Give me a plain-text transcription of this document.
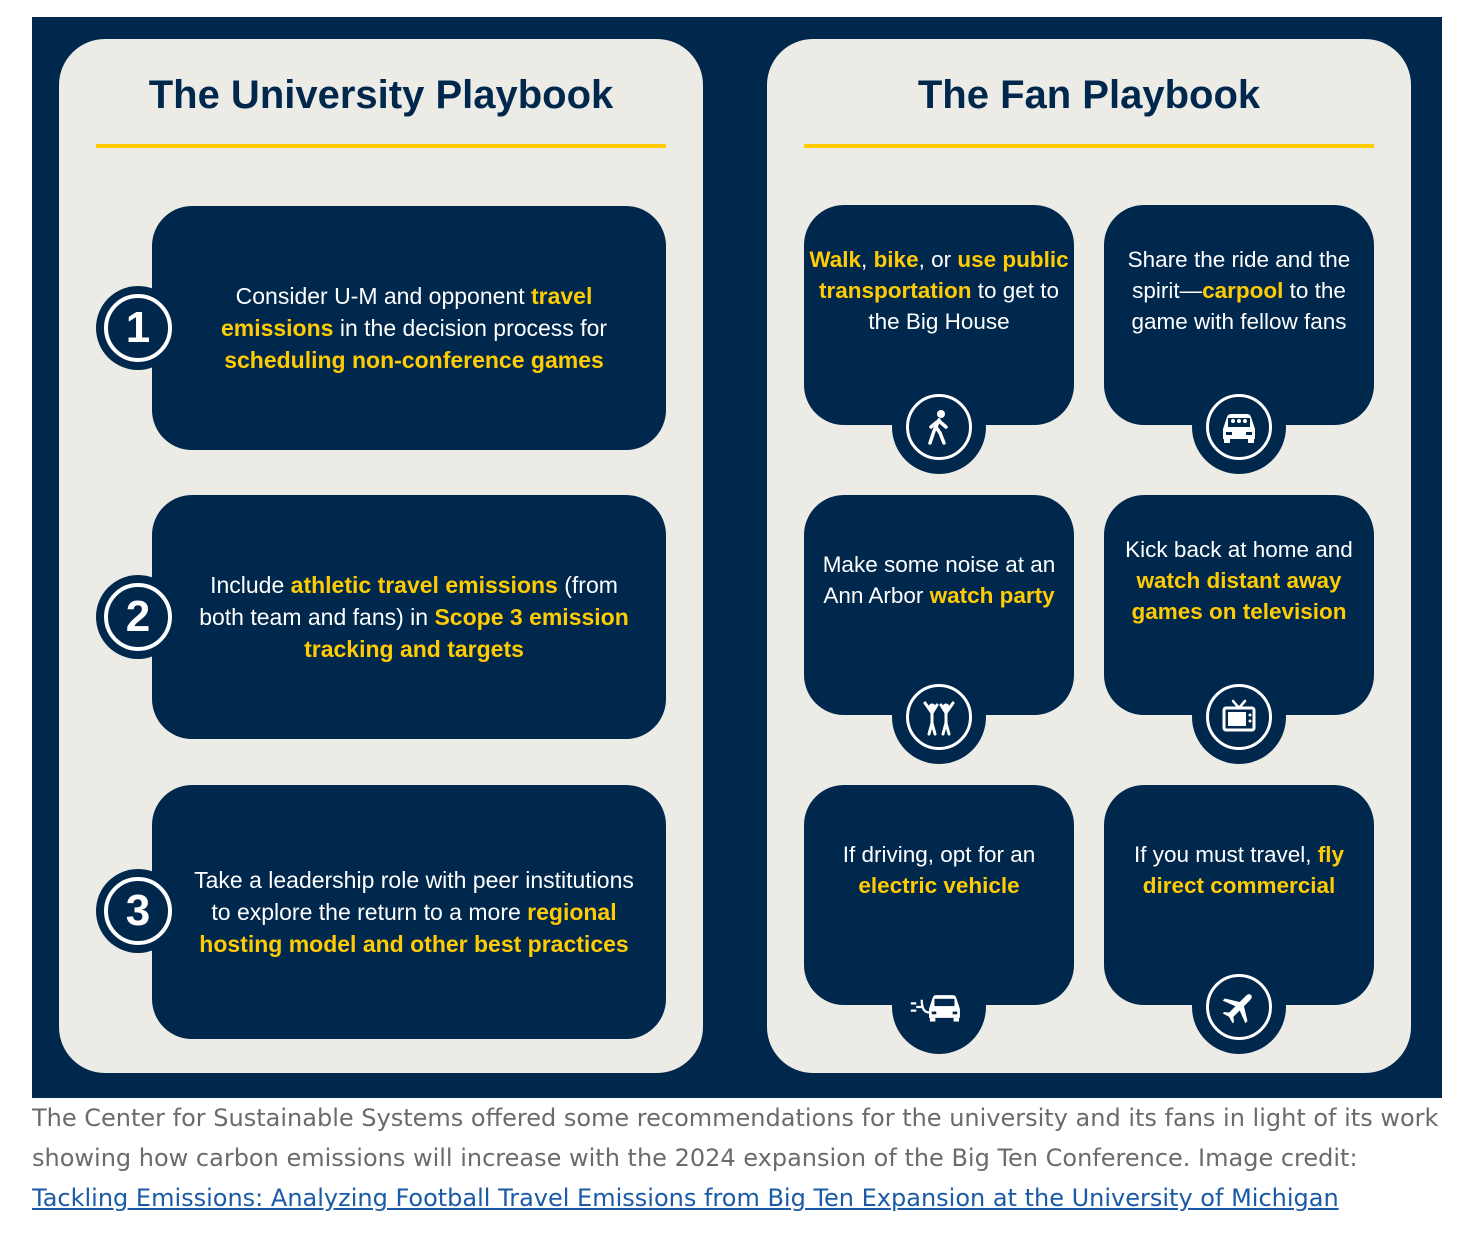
The University Playbook
Consider U-M and opponent travel emissions in the decision process for scheduling non-conference games
1
Include athletic travel emissions (from both team and fans) in Scope 3 emission tracking and targets
2
Take a leadership role with peer institutions to explore the return to a more regional hosting model and other best practices
3
The Fan Playbook
Walk, bike, or use public transportation to get to the Big House
Share the ride and the spirit—carpool to the game with fellow fans
Make some noise at an Ann Arbor watch party
Kick back at home and watch distant away games on television
If driving, opt for an electric vehicle
If you must travel, fly direct commercial
The Center for Sustainable Systems offered some recommendations for the university and its fans in light of its work showing how carbon emissions will increase with the 2024 expansion of the Big Ten Conference. Image credit: Tackling Emissions: Analyzing Football Travel Emissions from Big Ten Expansion at the University of Michigan
